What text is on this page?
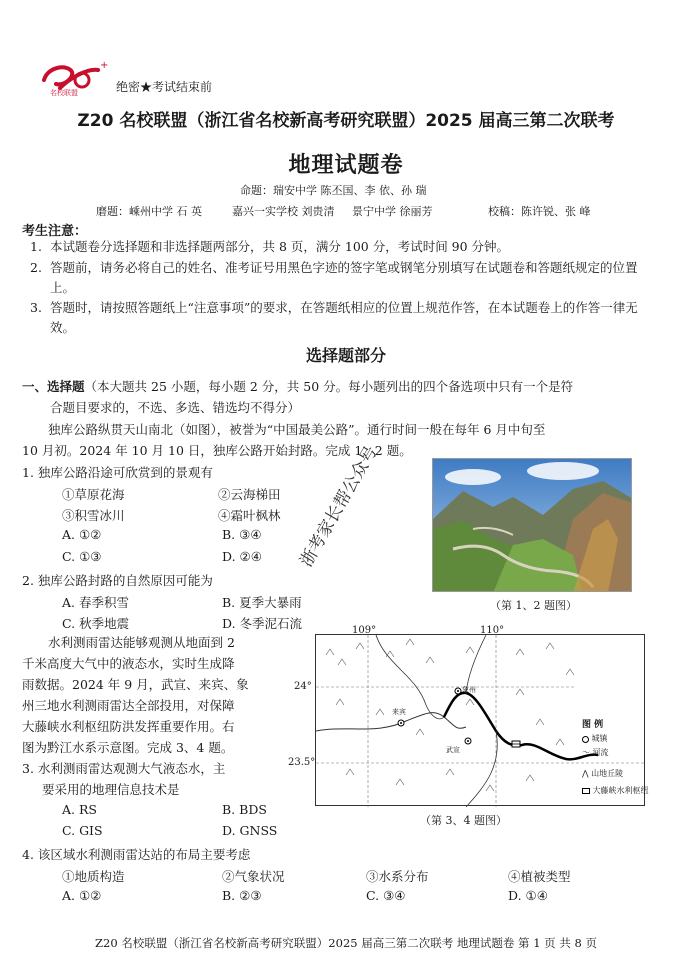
+
名校联盟	绝密★考试结束前
Z20 名校联盟（浙江省名校新高考研究联盟）2025 届高三第二次联考
地理试题卷
命题：瑞安中学 陈丕国、李 依、孙 瑞
磨题：嵊州中学 石 英	嘉兴一实学校 刘贵清 景宁中学 徐丽芳	校稿：陈许锐、张 峰
考生注意：
1. 本试题卷分选择题和非选择题两部分，共 8 页，满分 100 分，考试时间 90 分钟。
2. 答题前，请务必将自己的姓名、准考证号用黑色字迹的签字笔或钢笔分别填写在试题卷和答题纸规定的位置上。
3. 答题时，请按照答题纸上“注意事项”的要求，在答题纸相应的位置上规范作答，在本试题卷上的作答一律无效。
选择题部分
一、选择题（本大题共 25 小题，每小题 2 分，共 50 分。每小题列出的四个备选项中只有一个是符
合题目要求的，不选、多选、错选均不得分）
独库公路纵贯天山南北（如图），被誉为“中国最美公路”。通行时间一般在每年 6 月中旬至
10 月初。2024 年 10 月 10 日，独库公路开始封路。完成 1、2 题。
1. 独库公路沿途可欣赏到的景观有
①草原花海	②云海梯田
③积雪冰川	④霜叶枫林
A. ①②	B. ③④
C. ①③	D. ②④
2. 独库公路封路的自然原因可能为
A. 春季积雪	B. 夏季大暴雨
C. 秋季地震	D. 冬季泥石流
（第 1、2 题图）
水利测雨雷达能够观测从地面到 2
千米高度大气中的液态水，实时生成降
雨数据。2024 年 9 月，武宣、来宾、象
州三地水利测雨雷达全部投用，对保障
大藤峡水利枢纽防洪发挥重要作用。右
图为黔江水系示意图。完成 3、4 题。
3. 水利测雨雷达观测大气液态水，主
要采用的地理信息技术是
A. RS	B. BDS
C. GIS	D. GNSS
109°	110°
24°
23.5°
来宾
象州
武宣
图 例
城镇
〜 河流
⋀ 山地丘陵
大藤峡水利枢纽
（第 3、4 题图）
4. 该区域水利测雨雷达站的布局主要考虑
①地质构造	②气象状况	③水系分布	④植被类型
A. ①②	B. ②③	C. ③④	D. ①④
浙考家长帮公众号
Z20 名校联盟（浙江省名校新高考研究联盟）2025 届高三第二次联考 地理试题卷 第 1 页 共 8 页
